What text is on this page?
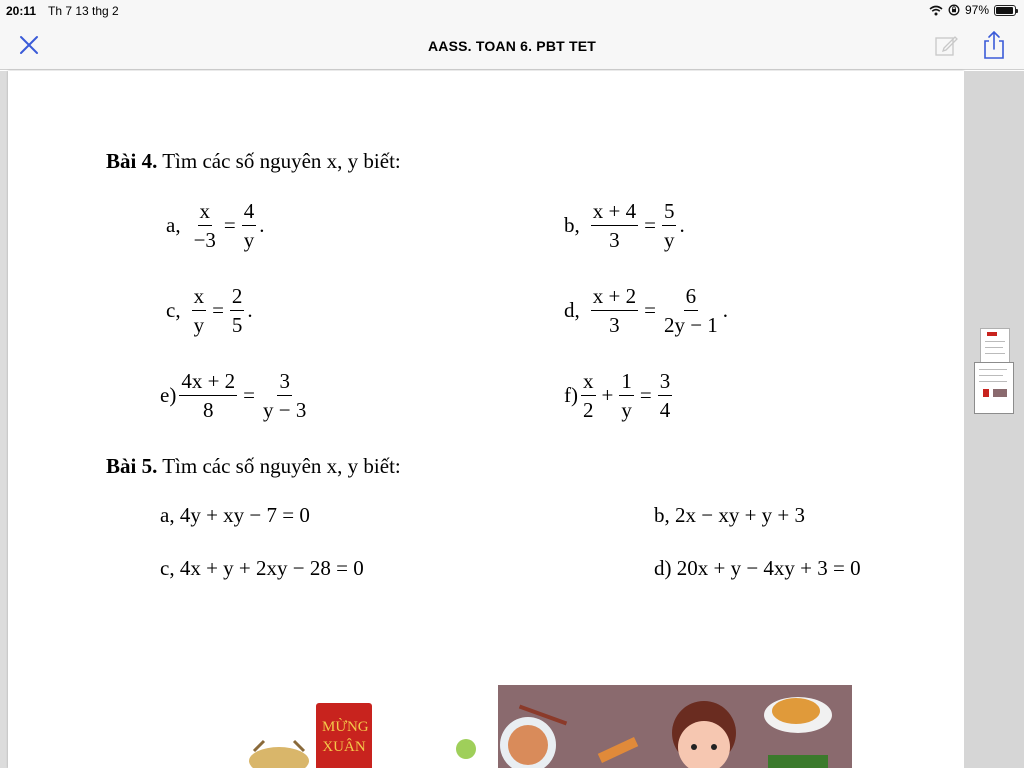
20:11 Th 7 13 thg 2	97%
AASS. TOAN 6. PBT TET
Bài 4. Tìm các số nguyên x, y biết:
a, $\frac{x}{-3} = \frac{4}{y}$ .	b, $\frac{x + 4}{3} = \frac{5}{y}$ .
c, $\frac{x}{y} = \frac{2}{5}$ .	d, $\frac{x + 2}{3} = \frac{6}{2y - 1}$ .
$e) \frac{4x + 2}{8} = \frac{3}{y - 3}$	$f) \frac{x}{2} + \frac{1}{y} = \frac{3}{4}$
Bài 5. Tìm các số nguyên x, y biết:
a, 4y + xy − 7 = 0	b, 2x − xy + y + 3
c, 4x + y + 2xy − 28 = 0	d) 20x + y − 4xy + 3 = 0
MỪNG XUÂN
